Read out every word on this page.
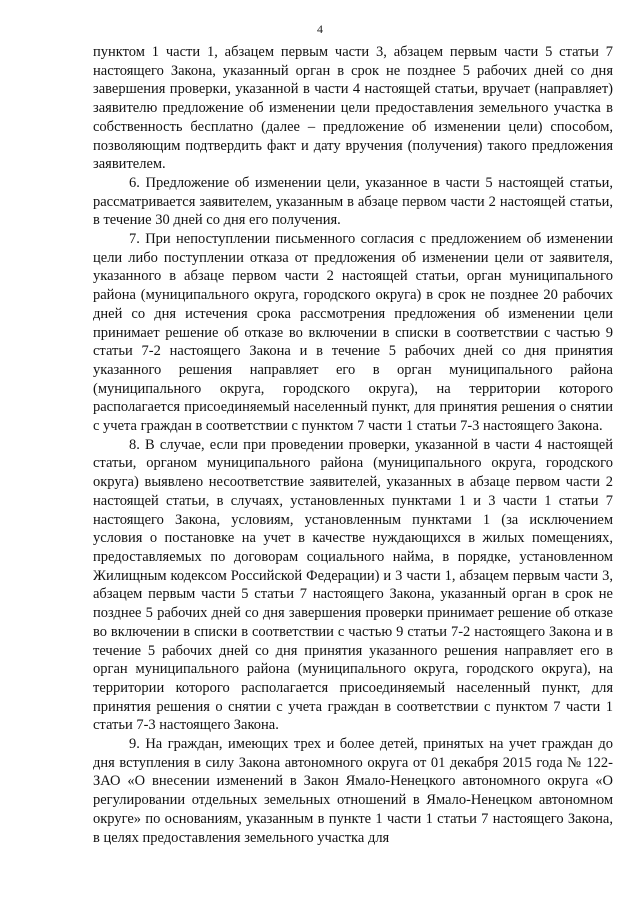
4

пунктом 1 части 1, абзацем первым части 3, абзацем первым части 5 статьи 7 настоящего Закона, указанный орган в срок не позднее 5 рабочих дней со дня завершения проверки, указанной в части 4 настоящей статьи, вручает (направляет) заявителю предложение об изменении цели предоставления земельного участка в собственность бесплатно (далее – предложение об изменении цели) способом, позволяющим подтвердить факт и дату вручения (получения) такого предложения заявителем.

6. Предложение об изменении цели, указанное в части 5 настоящей статьи, рассматривается заявителем, указанным в абзаце первом части 2 настоящей статьи, в течение 30 дней со дня его получения.

7. При непоступлении письменного согласия с предложением об изменении цели либо поступлении отказа от предложения об изменении цели от заявителя, указанного в абзаце первом части 2 настоящей статьи, орган муниципального района (муниципального округа, городского округа) в срок не позднее 20 рабочих дней со дня истечения срока рассмотрения предложения об изменении цели принимает решение об отказе во включении в списки в соответствии с частью 9 статьи 7-2 настоящего Закона и в течение 5 рабочих дней со дня принятия указанного решения направляет его в орган муниципального района (муниципального округа, городского округа), на территории которого располагается присоединяемый населенный пункт, для принятия решения о снятии с учета граждан в соответствии с пунктом 7 части 1 статьи 7-3 настоящего Закона.

8. В случае, если при проведении проверки, указанной в части 4 настоящей статьи, органом муниципального района (муниципального округа, городского округа) выявлено несоответствие заявителей, указанных в абзаце первом части 2 настоящей статьи, в случаях, установленных пунктами 1 и 3 части 1 статьи 7 настоящего Закона, условиям, установленным пунктами 1 (за исключением условия о постановке на учет в качестве нуждающихся в жилых помещениях, предоставляемых по договорам социального найма, в порядке, установленном Жилищным кодексом Российской Федерации) и 3 части 1, абзацем первым части 3, абзацем первым части 5 статьи 7 настоящего Закона, указанный орган в срок не позднее 5 рабочих дней со дня завершения проверки принимает решение об отказе во включении в списки в соответствии с частью 9 статьи 7-2 настоящего Закона и в течение 5 рабочих дней со дня принятия указанного решения направляет его в орган муниципального района (муниципального округа, городского округа), на территории которого располагается присоединяемый населенный пункт, для принятия решения о снятии с учета граждан в соответствии с пунктом 7 части 1 статьи 7-3 настоящего Закона.

9. На граждан, имеющих трех и более детей, принятых на учет граждан до дня вступления в силу Закона автономного округа от 01 декабря 2015 года № 122-ЗАО «О внесении изменений в Закон Ямало-Ненецкого автономного округа «О регулировании отдельных земельных отношений в Ямало-Ненецком автономном округе» по основаниям, указанным в пункте 1 части 1 статьи 7 настоящего Закона, в целях предоставления земельного участка для
